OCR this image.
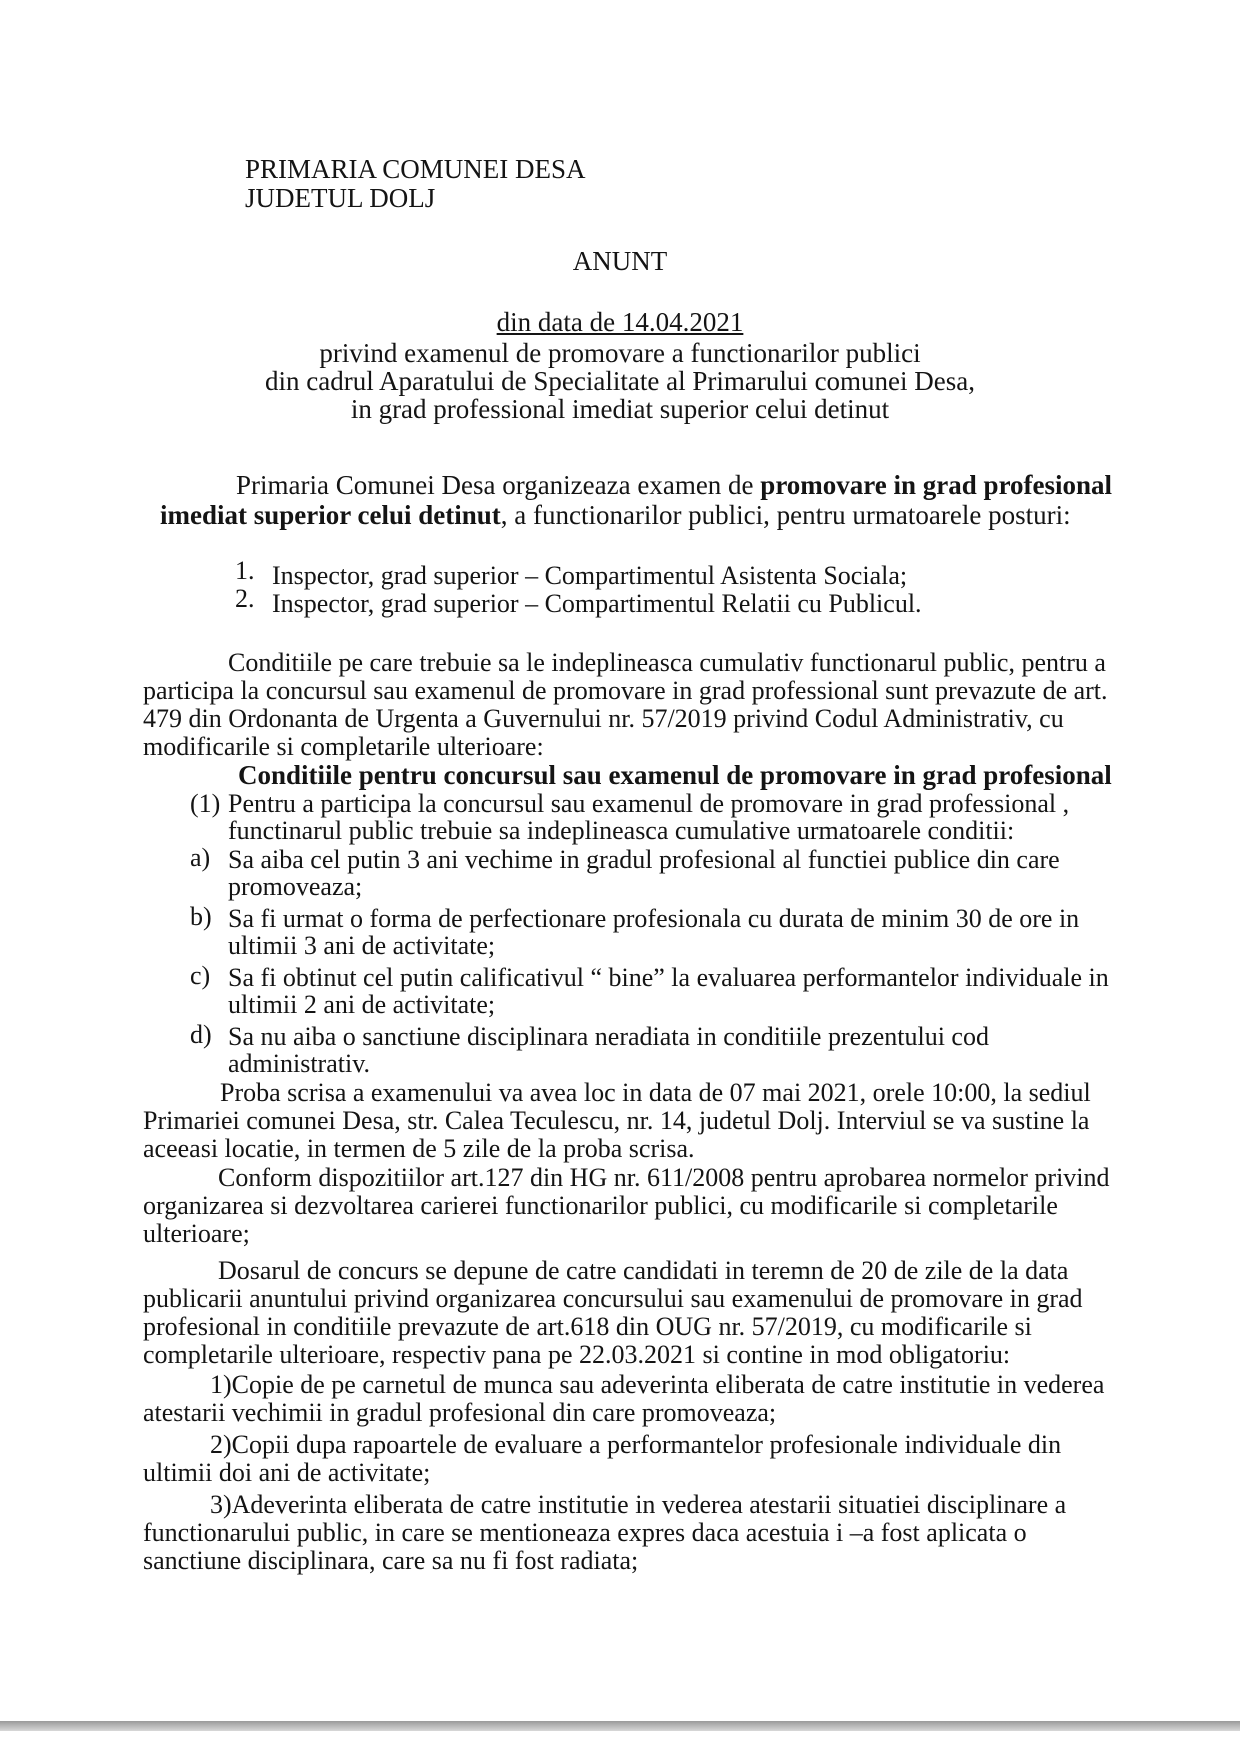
PRIMARIA COMUNEI DESA
JUDETUL DOLJ
ANUNT
din data de 14.04.2021
privind examenul de promovare a functionarilor publici
din cadrul Aparatului de Specialitate al Primarului comunei Desa,
in grad professional imediat superior celui detinut
Primaria Comunei Desa organizeaza examen de promovare in grad profesional
imediat superior celui detinut, a functionarilor publici, pentru urmatoarele posturi:
1. Inspector, grad superior – Compartimentul Asistenta Sociala;
2. Inspector, grad superior – Compartimentul Relatii cu Publicul.
Conditiile pe care trebuie sa le indeplineasca cumulativ functionarul public, pentru a
participa la concursul sau examenul de promovare in grad professional sunt prevazute de art.
479 din Ordonanta de Urgenta a Guvernului nr. 57/2019 privind Codul Administrativ, cu
modificarile si completarile ulterioare:
Conditiile pentru concursul sau examenul de promovare in grad profesional
(1) Pentru a participa la concursul sau examenul de promovare in grad professional ,
functinarul public trebuie sa indeplineasca cumulative urmatoarele conditii:
a) Sa aiba cel putin 3 ani vechime in gradul profesional al functiei publice din care
promoveaza;
b) Sa fi urmat o forma de perfectionare profesionala cu durata de minim 30 de ore in
ultimii 3 ani de activitate;
c) Sa fi obtinut cel putin calificativul “ bine” la evaluarea performantelor individuale in
ultimii 2 ani de activitate;
d) Sa nu aiba o sanctiune disciplinara neradiata in conditiile prezentului cod
administrativ.
Proba scrisa a examenului va avea loc in data de 07 mai 2021, orele 10:00, la sediul
Primariei comunei Desa, str. Calea Teculescu, nr. 14, judetul Dolj. Interviul se va sustine la
aceeasi locatie, in termen de 5 zile de la proba scrisa.
Conform dispozitiilor art.127 din HG nr. 611/2008 pentru aprobarea normelor privind
organizarea si dezvoltarea carierei functionarilor publici, cu modificarile si completarile
ulterioare;
Dosarul de concurs se depune de catre candidati in teremn de 20 de zile de la data
publicarii anuntului privind organizarea concursului sau examenului de promovare in grad
profesional in conditiile prevazute de art.618 din OUG nr. 57/2019, cu modificarile si
completarile ulterioare, respectiv pana pe 22.03.2021 si contine in mod obligatoriu:
1)Copie de pe carnetul de munca sau adeverinta eliberata de catre institutie in vederea
atestarii vechimii in gradul profesional din care promoveaza;
2)Copii dupa rapoartele de evaluare a performantelor profesionale individuale din
ultimii doi ani de activitate;
3)Adeverinta eliberata de catre institutie in vederea atestarii situatiei disciplinare a
functionarului public, in care se mentioneaza expres daca acestuia i –a fost aplicata o
sanctiune disciplinara, care sa nu fi fost radiata;
